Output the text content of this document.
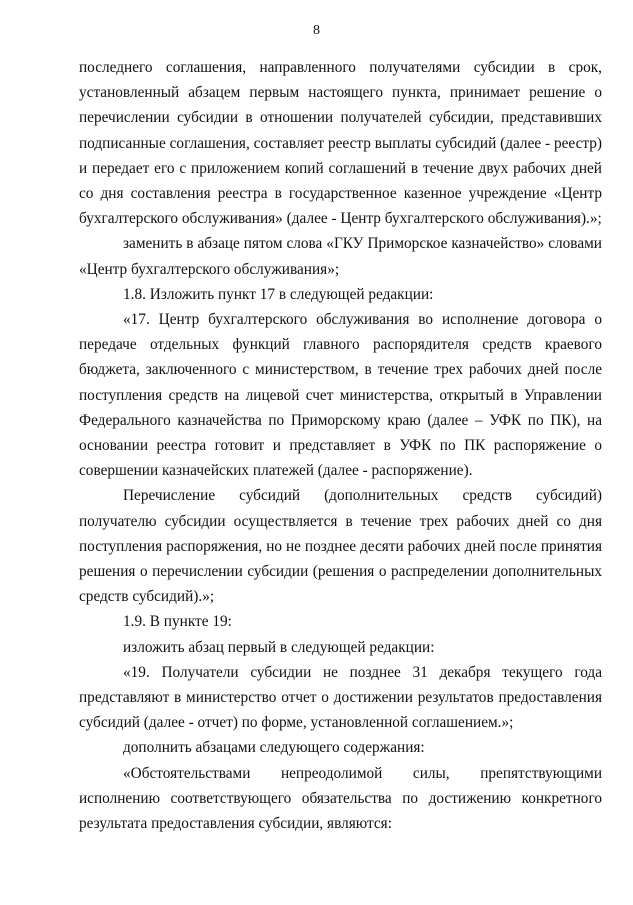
8

последнего соглашения, направленного получателями субсидии в срок, установленный абзацем первым настоящего пункта, принимает решение о перечислении субсидии в отношении получателей субсидии, представивших подписанные соглашения, составляет реестр выплаты субсидий (далее - реестр) и передает его с приложением копий соглашений в течение двух рабочих дней со дня составления реестра в государственное казенное учреждение «Центр бухгалтерского обслуживания» (далее - Центр бухгалтерского обслуживания).»;

заменить в абзаце пятом слова «ГКУ Приморское казначейство» словами «Центр бухгалтерского обслуживания»;

1.8. Изложить пункт 17 в следующей редакции:

«17. Центр бухгалтерского обслуживания во исполнение договора о передаче отдельных функций главного распорядителя средств краевого бюджета, заключенного с министерством, в течение трех рабочих дней после поступления средств на лицевой счет министерства, открытый в Управлении Федерального казначейства по Приморскому краю (далее – УФК по ПК), на основании реестра готовит и представляет в УФК по ПК распоряжение о совершении казначейских платежей (далее - распоряжение).

Перечисление субсидий (дополнительных средств субсидий) получателю субсидии осуществляется в течение трех рабочих дней со дня поступления распоряжения, но не позднее десяти рабочих дней после принятия решения о перечислении субсидии (решения о распределении дополнительных средств субсидий).»;

1.9. В пункте 19:

изложить абзац первый в следующей редакции:

«19. Получатели субсидии не позднее 31 декабря текущего года представляют в министерство отчет о достижении результатов предоставления субсидий (далее - отчет) по форме, установленной соглашением.»;

дополнить абзацами следующего содержания:

«Обстоятельствами непреодолимой силы, препятствующими исполнению соответствующего обязательства по достижению конкретного результата предоставления субсидии, являются:
